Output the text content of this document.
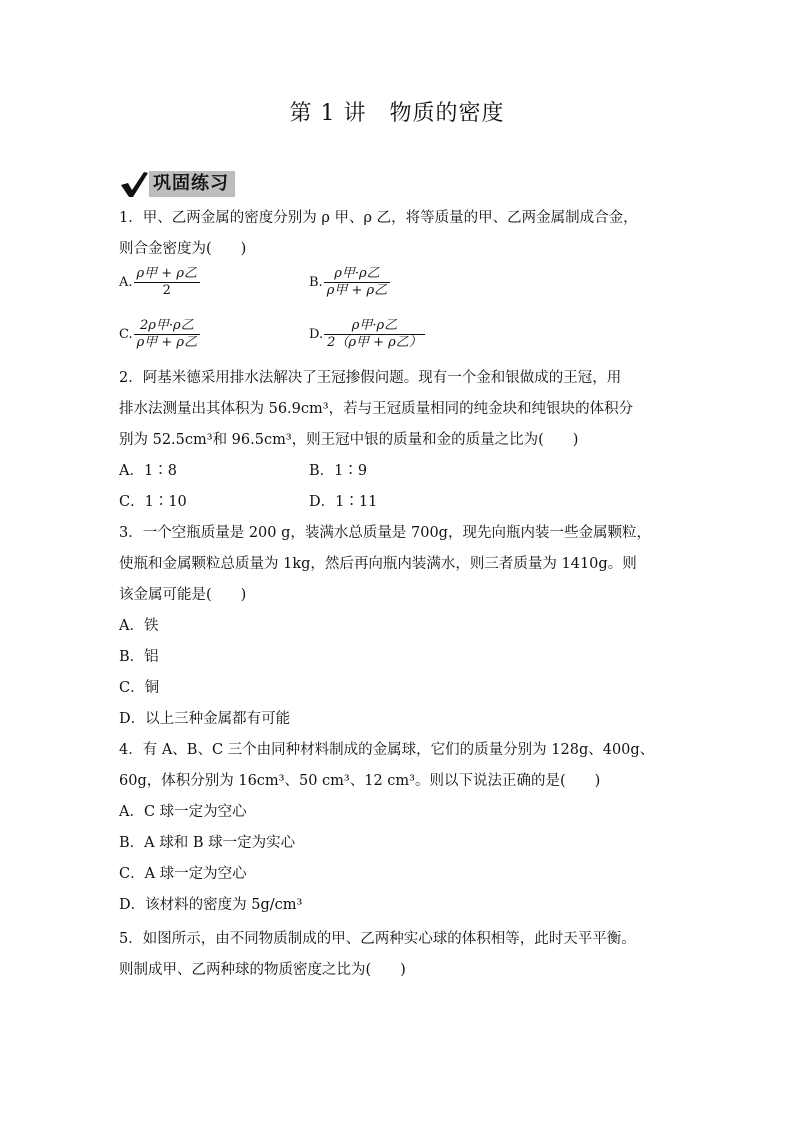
第 1 讲　物质的密度
巩固练习
1．甲、乙两金属的密度分别为 ρ 甲、ρ 乙，将等质量的甲、乙两金属制成合金，
则合金密度为(　　)
A. $\frac{\text{ρ甲 + ρ乙}}{2}$	B. $\frac{\text{ρ甲·ρ乙}}{\text{ρ甲 + ρ乙}}$
C. $\frac{\text{2ρ甲·ρ乙}}{\text{ρ甲 + ρ乙}}$	D. $\frac{\text{ρ甲·ρ乙}}{\text{2（ρ甲 + ρ乙）}}$
2．阿基米德采用排水法解决了王冠掺假问题。现有一个金和银做成的王冠，用
排水法测量出其体积为 56.9cm³，若与王冠质量相同的纯金块和纯银块的体积分
别为 52.5cm³和 96.5cm³，则王冠中银的质量和金的质量之比为(　　)
A．1∶8	B．1∶9
C．1∶10	D．1∶11
3．一个空瓶质量是 200 g，装满水总质量是 700g，现先向瓶内装一些金属颗粒，
使瓶和金属颗粒总质量为 1kg，然后再向瓶内装满水，则三者质量为 1410g。则
该金属可能是(　　)
A．铁
B．铝
C．铜
D．以上三种金属都有可能
4．有 A、B、C 三个由同种材料制成的金属球，它们的质量分别为 128g、400g、
60g，体积分别为 16cm³、50 cm³、12 cm³。则以下说法正确的是(　　)
A．C 球一定为空心
B．A 球和 B 球一定为实心
C．A 球一定为空心
D．该材料的密度为 5g/cm³
5．如图所示，由不同物质制成的甲、乙两种实心球的体积相等，此时天平平衡。
则制成甲、乙两种球的物质密度之比为(　　)
